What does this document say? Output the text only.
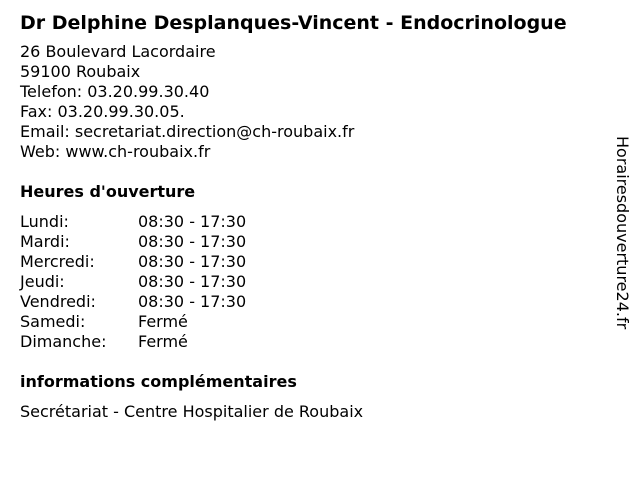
Dr Delphine Desplanques-Vincent - Endocrinologue
26 Boulevard Lacordaire
59100 Roubaix
Telefon: 03.20.99.30.40
Fax: 03.20.99.30.05.
Email: secretariat.direction@ch-roubaix.fr
Web: www.ch-roubaix.fr
Heures d'ouverture
Lundi:	08:30 - 17:30
Mardi:	08:30 - 17:30
Mercredi:	08:30 - 17:30
Jeudi:	08:30 - 17:30
Vendredi:	08:30 - 17:30
Samedi:	Fermé
Dimanche:	Fermé
informations complémentaires
Secrétariat - Centre Hospitalier de Roubaix
Horairesdouverture24.fr
